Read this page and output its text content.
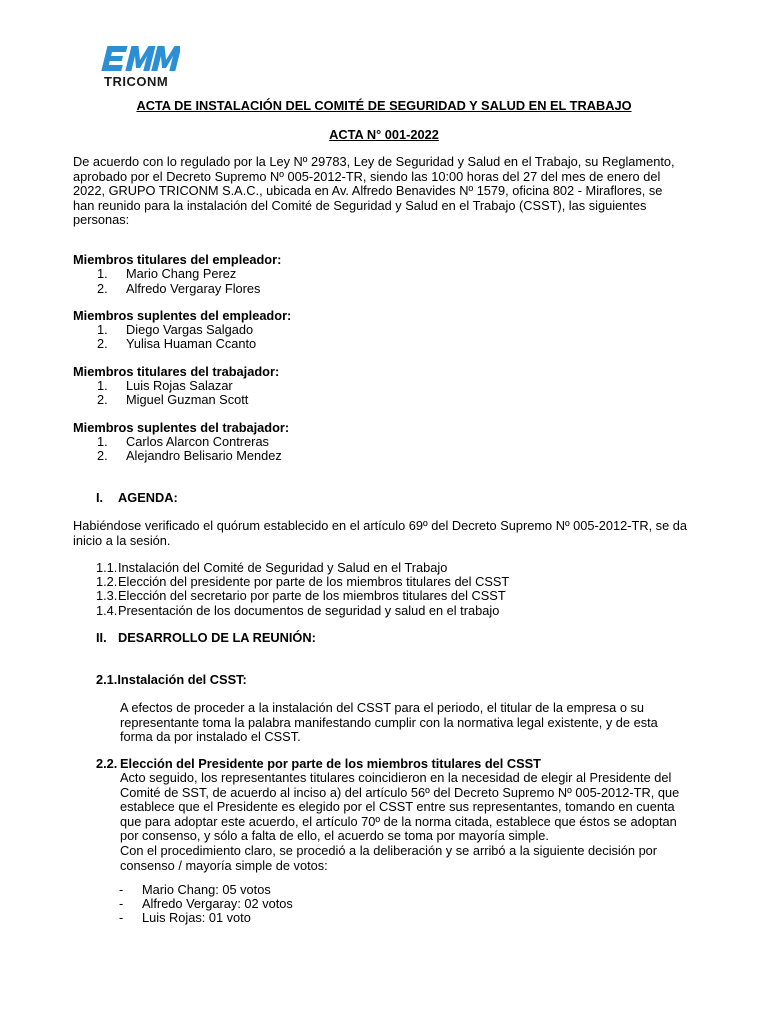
TRICONM
ACTA DE INSTALACIÓN DEL COMITÉ DE SEGURIDAD Y SALUD EN EL TRABAJO
ACTA N° 001-2022
De acuerdo con lo regulado por la Ley Nº 29783, Ley de Seguridad y Salud en el Trabajo, su Reglamento,
aprobado por el Decreto Supremo Nº 005-2012-TR, siendo las 10:00 horas del 27 del mes de enero del
2022, GRUPO TRICONM S.A.C., ubicada en Av. Alfredo Benavides Nº 1579, oficina 802 - Miraflores, se
han reunido para la instalación del Comité de Seguridad y Salud en el Trabajo (CSST), las siguientes
personas:
Miembros titulares del empleador:
1. Mario Chang Perez
2. Alfredo Vergaray Flores
Miembros suplentes del empleador:
1. Diego Vargas Salgado
2. Yulisa Huaman Ccanto
Miembros titulares del trabajador:
1. Luis Rojas Salazar
2. Miguel Guzman Scott
Miembros suplentes del trabajador:
1. Carlos Alarcon Contreras
2. Alejandro Belisario Mendez
I. AGENDA:
Habiéndose verificado el quórum establecido en el artículo 69º del Decreto Supremo Nº 005-2012-TR, se da
inicio a la sesión.
1.1.Instalación del Comité de Seguridad y Salud en el Trabajo
1.2.Elección del presidente por parte de los miembros titulares del CSST
1.3.Elección del secretario por parte de los miembros titulares del CSST
1.4.Presentación de los documentos de seguridad y salud en el trabajo
II. DESARROLLO DE LA REUNIÓN:
2.1.Instalación del CSST:
A efectos de proceder a la instalación del CSST para el periodo, el titular de la empresa o su
representante toma la palabra manifestando cumplir con la normativa legal existente, y de esta
forma da por instalado el CSST.
2.2. Elección del Presidente por parte de los miembros titulares del CSST
Acto seguido, los representantes titulares coincidieron en la necesidad de elegir al Presidente del
Comité de SST, de acuerdo al inciso a) del artículo 56º del Decreto Supremo Nº 005-2012-TR, que
establece que el Presidente es elegido por el CSST entre sus representantes, tomando en cuenta
que para adoptar este acuerdo, el artículo 70º de la norma citada, establece que éstos se adoptan
por consenso, y sólo a falta de ello, el acuerdo se toma por mayoría simple.
Con el procedimiento claro, se procedió a la deliberación y se arribó a la siguiente decisión por
consenso / mayoría simple de votos:
- Mario Chang: 05 votos
- Alfredo Vergaray: 02 votos
- Luis Rojas: 01 voto
